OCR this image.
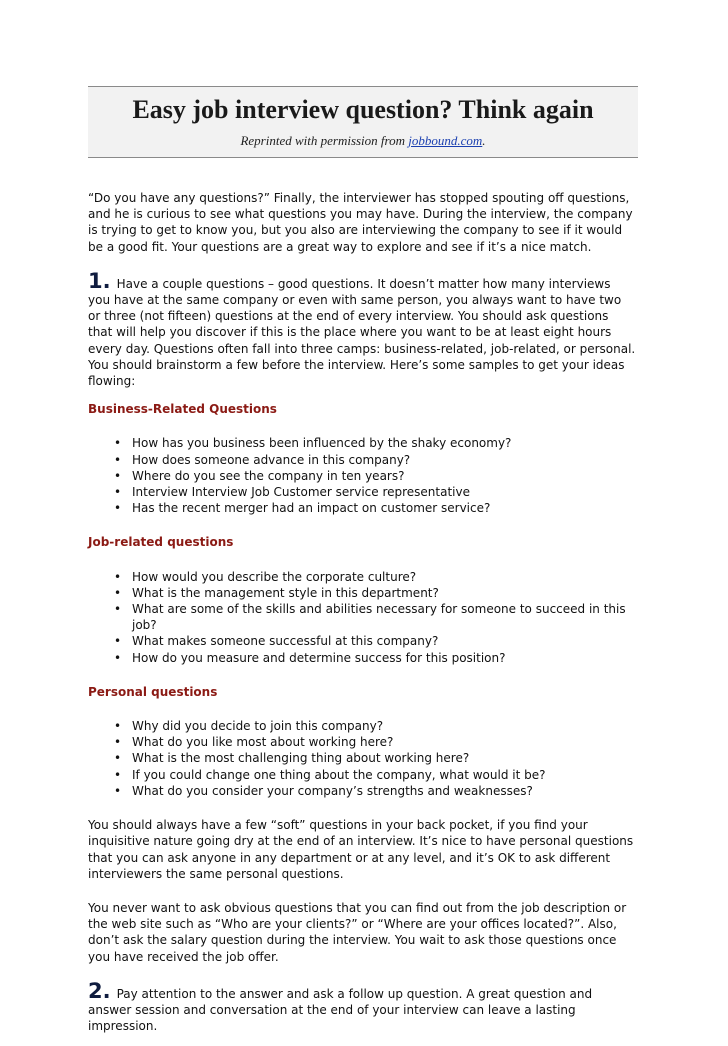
Easy job interview question? Think again
Reprinted with permission from jobbound.com.

“Do you have any questions?” Finally, the interviewer has stopped spouting off questions, and he is curious to see what questions you may have. During the interview, the company is trying to get to know you, but you also are interviewing the company to see if it would be a good fit. Your questions are a great way to explore and see if it’s a nice match.

1. Have a couple questions – good questions. It doesn’t matter how many interviews you have at the same company or even with same person, you always want to have two or three (not fifteen) questions at the end of every interview. You should ask questions that will help you discover if this is the place where you want to be at least eight hours every day. Questions often fall into three camps: business-related, job-related, or personal. You should brainstorm a few before the interview. Here’s some samples to get your ideas flowing:

Business-Related Questions
• How has you business been influenced by the shaky economy?
• How does someone advance in this company?
• Where do you see the company in ten years?
• Interview Interview Job Customer service representative
• Has the recent merger had an impact on customer service?
Job-related questions
• How would you describe the corporate culture?
• What is the management style in this department?
• What are some of the skills and abilities necessary for someone to succeed in this job?
• What makes someone successful at this company?
• How do you measure and determine success for this position?
Personal questions
• Why did you decide to join this company?
• What do you like most about working here?
• What is the most challenging thing about working here?
• If you could change one thing about the company, what would it be?
• What do you consider your company’s strengths and weaknesses?

You should always have a few “soft” questions in your back pocket, if you find your inquisitive nature going dry at the end of an interview. It’s nice to have personal questions that you can ask anyone in any department or at any level, and it’s OK to ask different interviewers the same personal questions.

You never want to ask obvious questions that you can find out from the job description or the web site such as “Who are your clients?” or “Where are your offices located?”. Also, don’t ask the salary question during the interview. You wait to ask those questions once you have received the job offer.

2. Pay attention to the answer and ask a follow up question. A great question and answer session and conversation at the end of your interview can leave a lasting impression.
